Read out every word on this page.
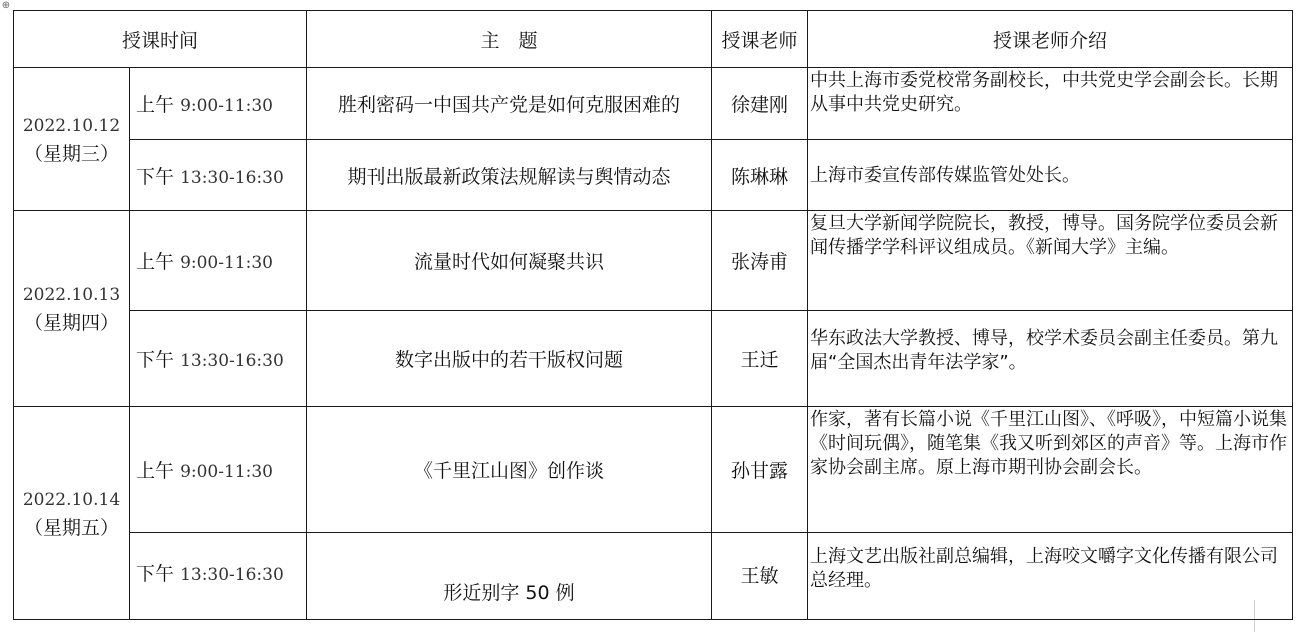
⊕
授课时间		主　题	授课老师	授课老师介绍
2022.10.12
（星期三）	上午 9:00-11:30	胜利密码一中国共产党是如何克服困难的	徐建刚	中共上海市委党校常务副校长，中共党史学会副会长。长期从事中共党史研究。
	下午 13:30-16:30	期刊出版最新政策法规解读与舆情动态	陈琳琳	上海市委宣传部传媒监管处处长。
2022.10.13
（星期四）	上午 9:00-11:30	流量时代如何凝聚共识	张涛甫	复旦大学新闻学院院长，教授，博导。国务院学位委员会新闻传播学学科评议组成员。《新闻大学》主编。
	下午 13:30-16:30	数字出版中的若干版权问题	王迁	华东政法大学教授、博导，校学术委员会副主任委员。第九届“全国杰出青年法学家”。
2022.10.14
（星期五）	上午 9:00-11:30	《千里江山图》创作谈	孙甘露	作家，著有长篇小说《千里江山图》、《呼吸》，中短篇小说集《时间玩偶》，随笔集《我又听到郊区的声音》等。上海市作家协会副主席。原上海市期刊协会副会长。
	下午 13:30-16:30	形近别字 50 例	王敏	上海文艺出版社副总编辑，上海咬文嚼字文化传播有限公司总经理。
